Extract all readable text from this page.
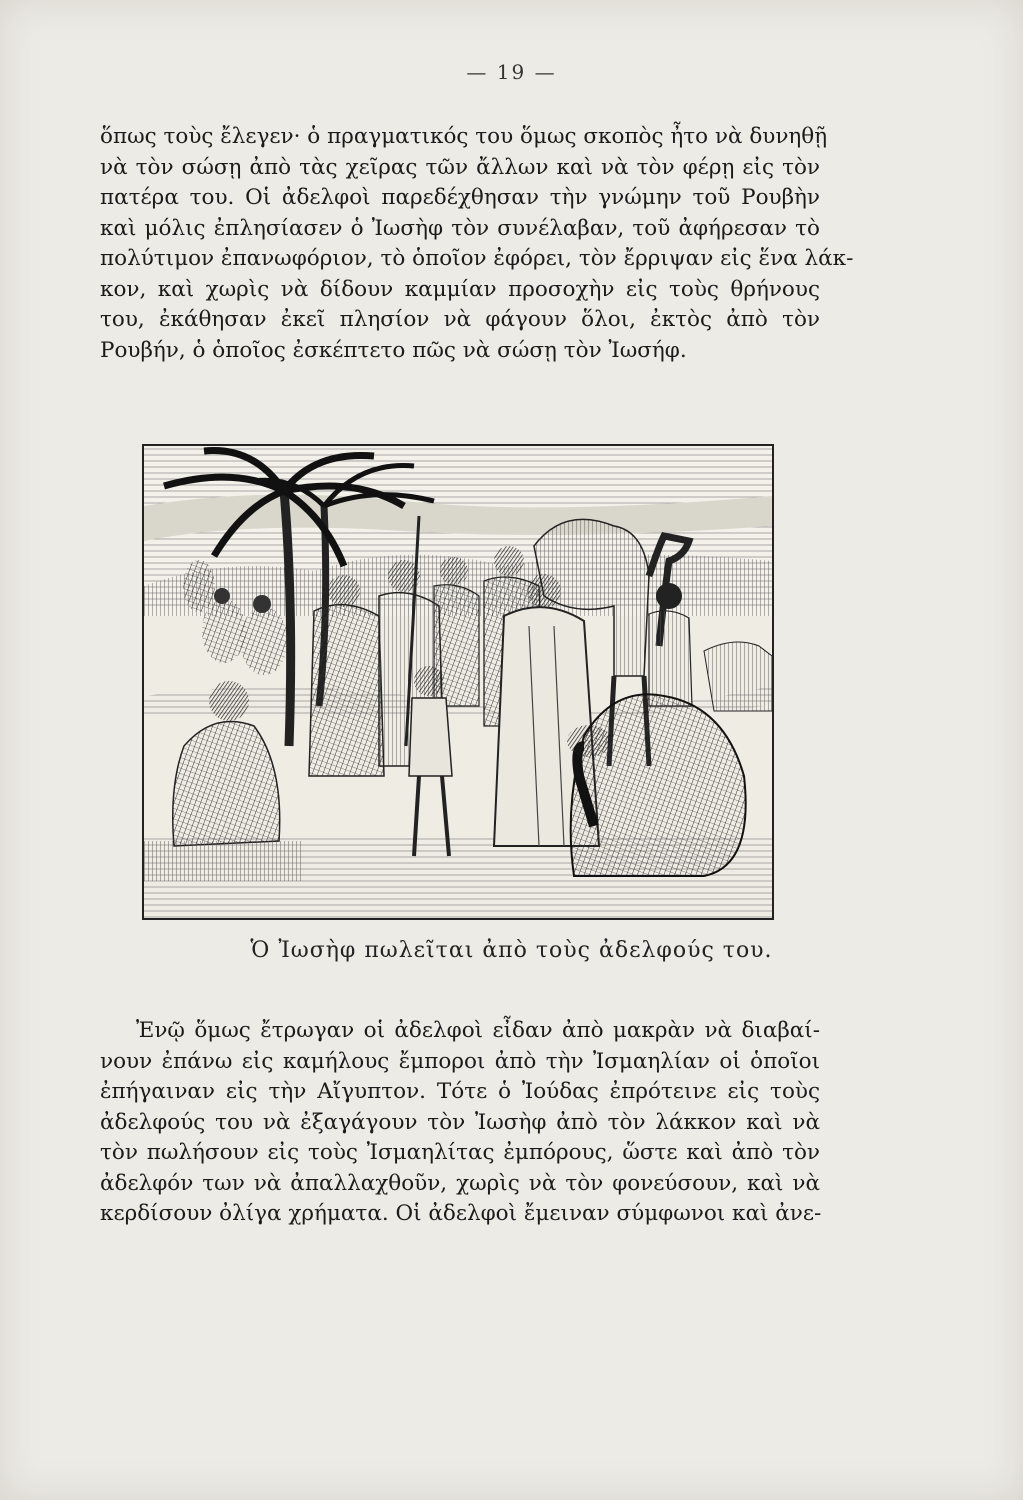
— 19 —
ὅπως τοὺς ἔλεγεν· ὁ πραγματικός του ὅμως σκοπὸς ἦτο νὰ δυνηθῇ
νὰ τὸν σώσῃ ἀπὸ τὰς χεῖρας τῶν ἄλλων καὶ νὰ τὸν φέρῃ εἰς τὸν
πατέρα του. Οἱ ἀδελφοὶ παρεδέχθησαν τὴν γνώμην τοῦ Ρουβὴν
καὶ μόλις ἐπλησίασεν ὁ Ἰωσὴφ τὸν συνέλαβαν, τοῦ ἀφήρεσαν τὸ
πολύτιμον ἐπανωφόριον, τὸ ὁποῖον ἐφόρει, τὸν ἔρριψαν εἰς ἕνα λάκ-
κον, καὶ χωρὶς νὰ δίδουν καμμίαν προσοχὴν εἰς τοὺς θρήνους
του, ἐκάθησαν ἐκεῖ πλησίον νὰ φάγουν ὅλοι, ἐκτὸς ἀπὸ τὸν
Ρουβήν, ὁ ὁποῖος ἐσκέπτετο πῶς νὰ σώσῃ τὸν Ἰωσήφ.
Ὁ Ἰωσὴφ πωλεῖται ἀπὸ τοὺς ἀδελφούς του.
Ἐνῷ ὅμως ἔτρωγαν οἱ ἀδελφοὶ εἶδαν ἀπὸ μακρὰν νὰ διαβαί-
νουν ἐπάνω εἰς καμήλους ἔμποροι ἀπὸ τὴν Ἰσμαηλίαν οἱ ὁποῖοι
ἐπήγαιναν εἰς τὴν Αἴγυπτον. Τότε ὁ Ἰούδας ἐπρότεινε εἰς τοὺς
ἀδελφούς του νὰ ἐξαγάγουν τὸν Ἰωσὴφ ἀπὸ τὸν λάκκον καὶ νὰ
τὸν πωλήσουν εἰς τοὺς Ἰσμαηλίτας ἐμπόρους, ὥστε καὶ ἀπὸ τὸν
ἀδελφόν των νὰ ἀπαλλαχθοῦν, χωρὶς νὰ τὸν φονεύσουν, καὶ νὰ
κερδίσουν ὀλίγα χρήματα. Οἱ ἀδελφοὶ ἔμειναν σύμφωνοι καὶ ἀνε-
